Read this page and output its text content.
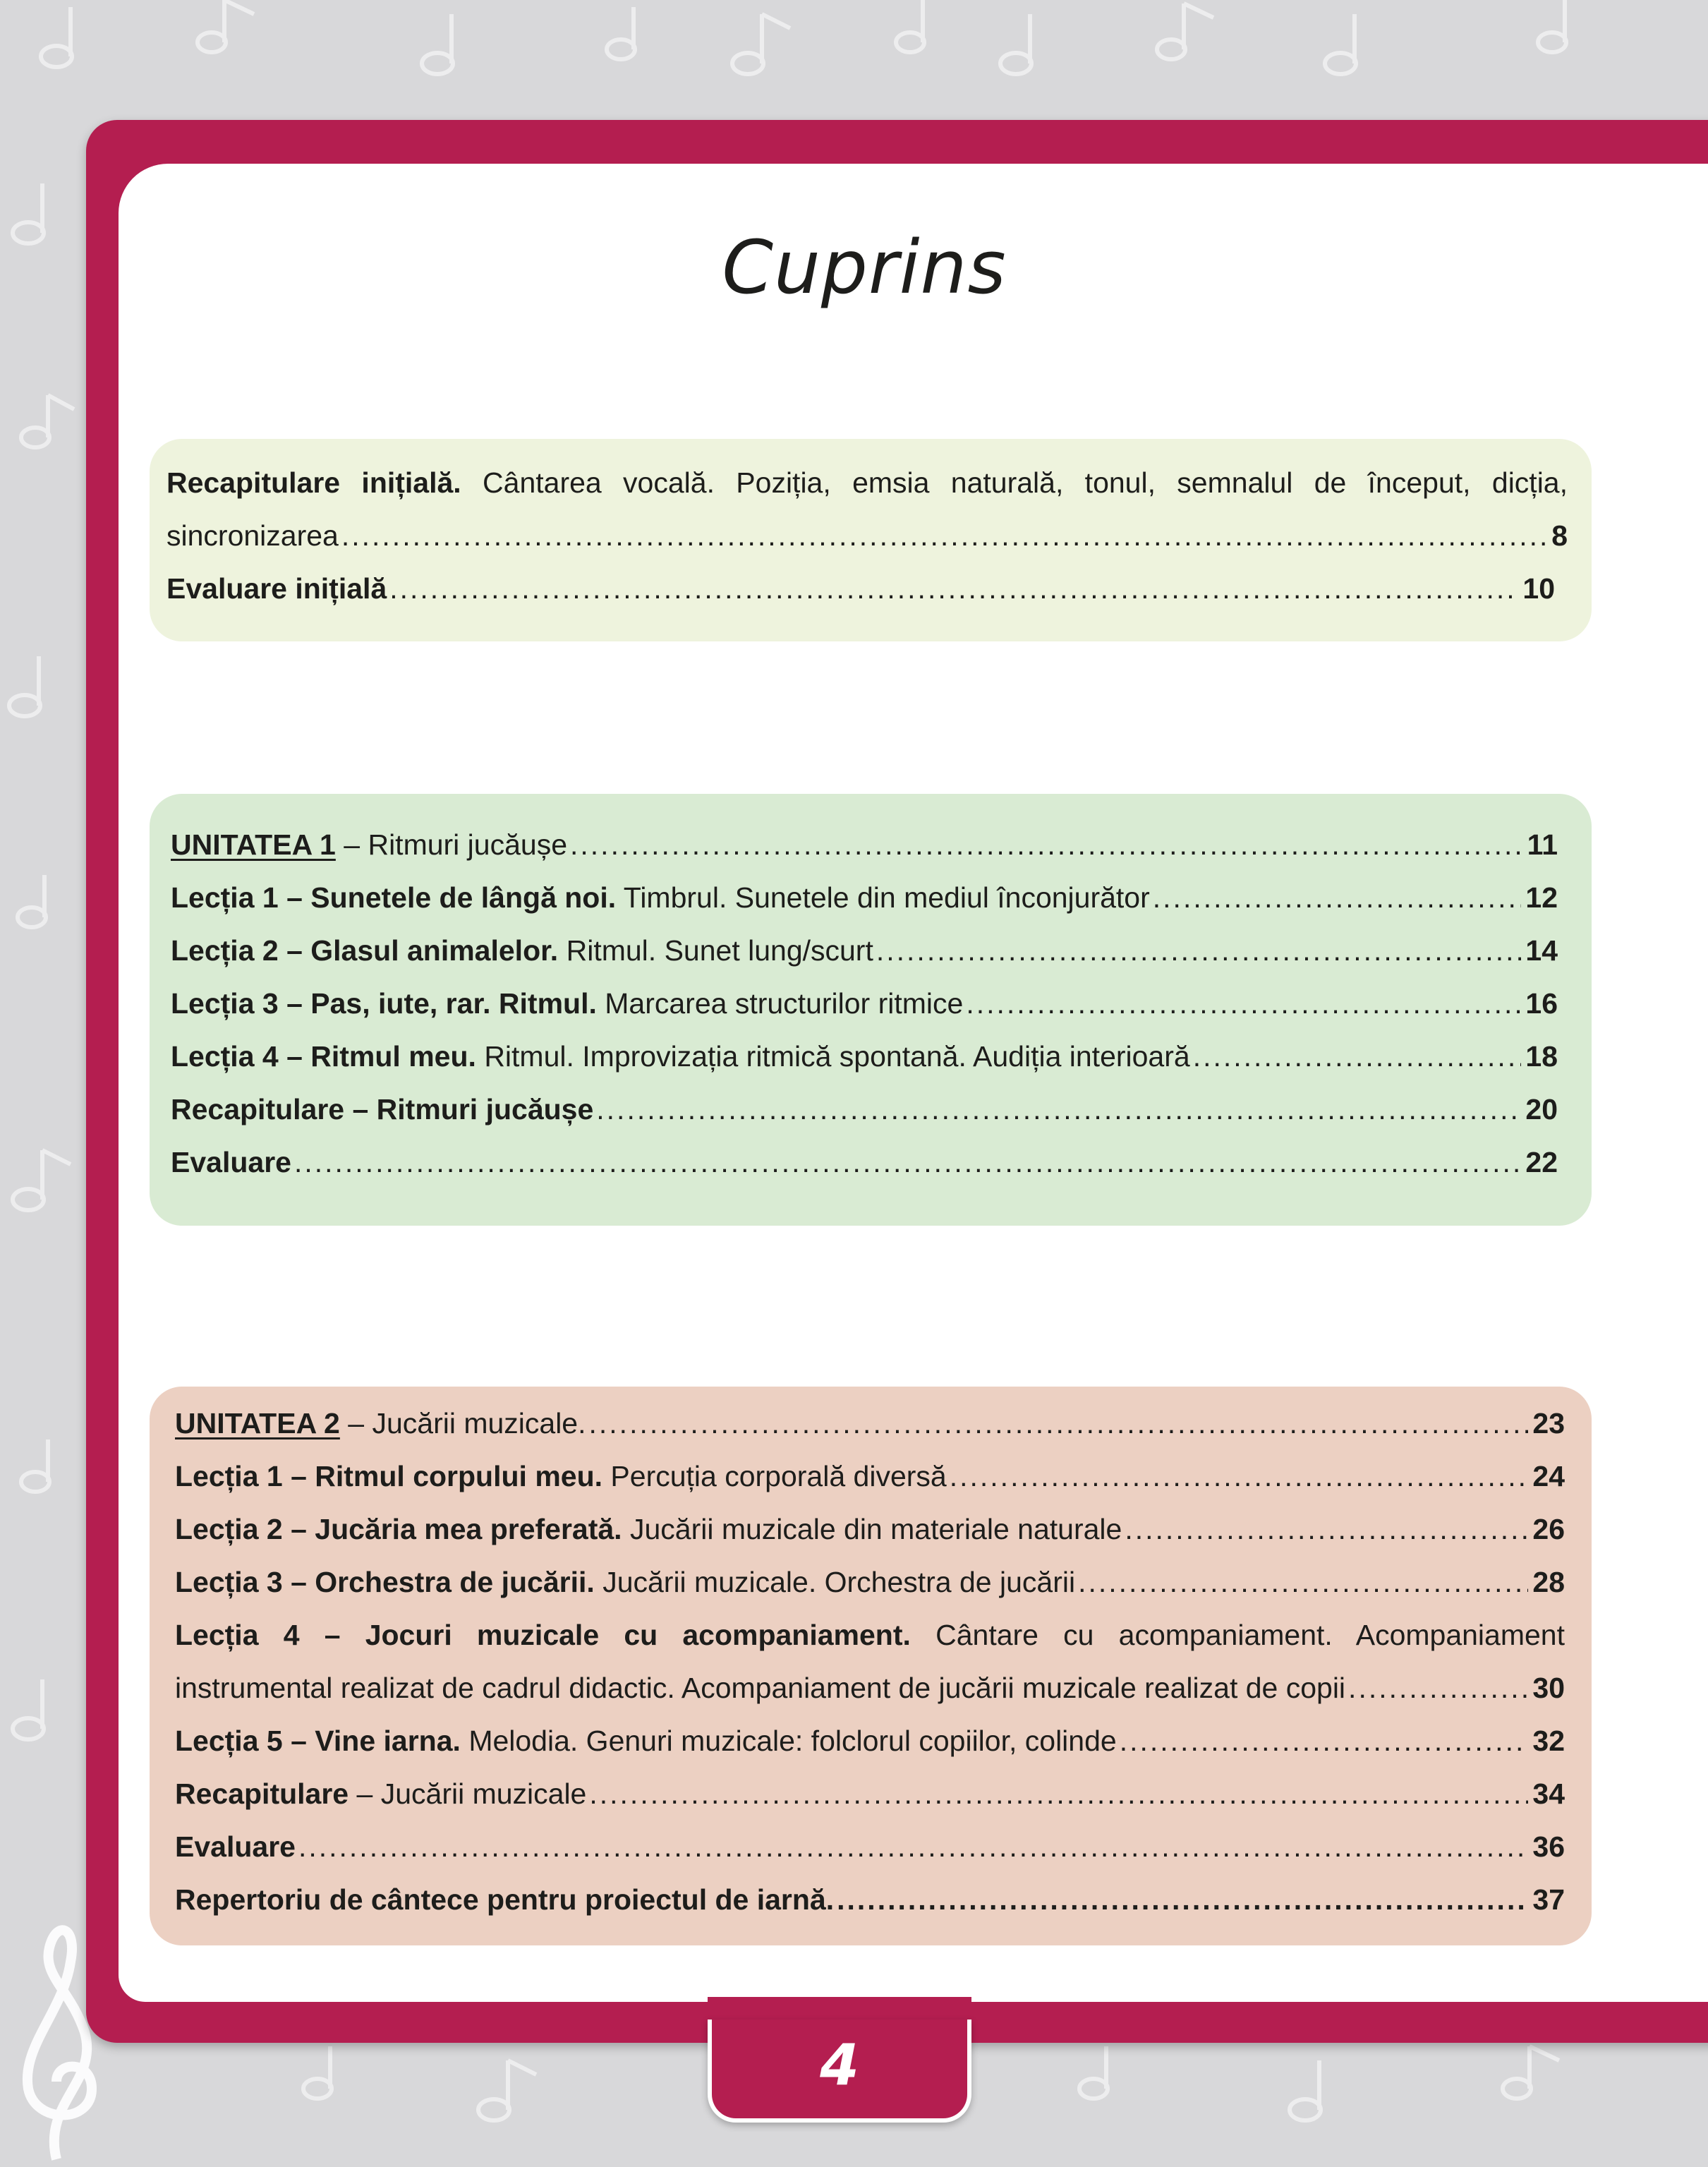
Cuprins
Recapitulare inițială. Cântarea vocală. Poziția, emsia naturală, tonul, semnalul de început, dicția,
sincronizarea .....	8
Evaluare inițială .....	10
UNITATEA 1 – Ritmuri jucăușe .....	11
Lecția 1 – Sunetele de lângă noi. Timbrul. Sunetele din mediul înconjurător .....	12
Lecția 2 – Glasul animalelor. Ritmul. Sunet lung/scurt .....	14
Lecția 3 – Pas, iute, rar. Ritmul. Marcarea structurilor ritmice .....	16
Lecția 4 – Ritmul meu. Ritmul. Improvizația ritmică spontană. Audiția interioară .....	18
Recapitulare – Ritmuri jucăușe .....	20
Evaluare .....	22
UNITATEA 2 – Jucării muzicale. .....	23
Lecția 1 – Ritmul corpului meu. Percuția corporală diversă .....	24
Lecția 2 – Jucăria mea preferată. Jucării muzicale din materiale naturale .....	26
Lecția 3 – Orchestra de jucării. Jucării muzicale. Orchestra de jucării .....	28
Lecția 4 – Jocuri muzicale cu acompaniament. Cântare cu acompaniament. Acompaniament
instrumental realizat de cadrul didactic. Acompaniament de jucării muzicale realizat de copii .....	30
Lecția 5 – Vine iarna. Melodia. Genuri muzicale: folclorul copiilor, colinde .....	32
Recapitulare – Jucării muzicale .....	34
Evaluare .....	36
Repertoriu de cântece pentru proiectul de iarnă. .....	37
4
